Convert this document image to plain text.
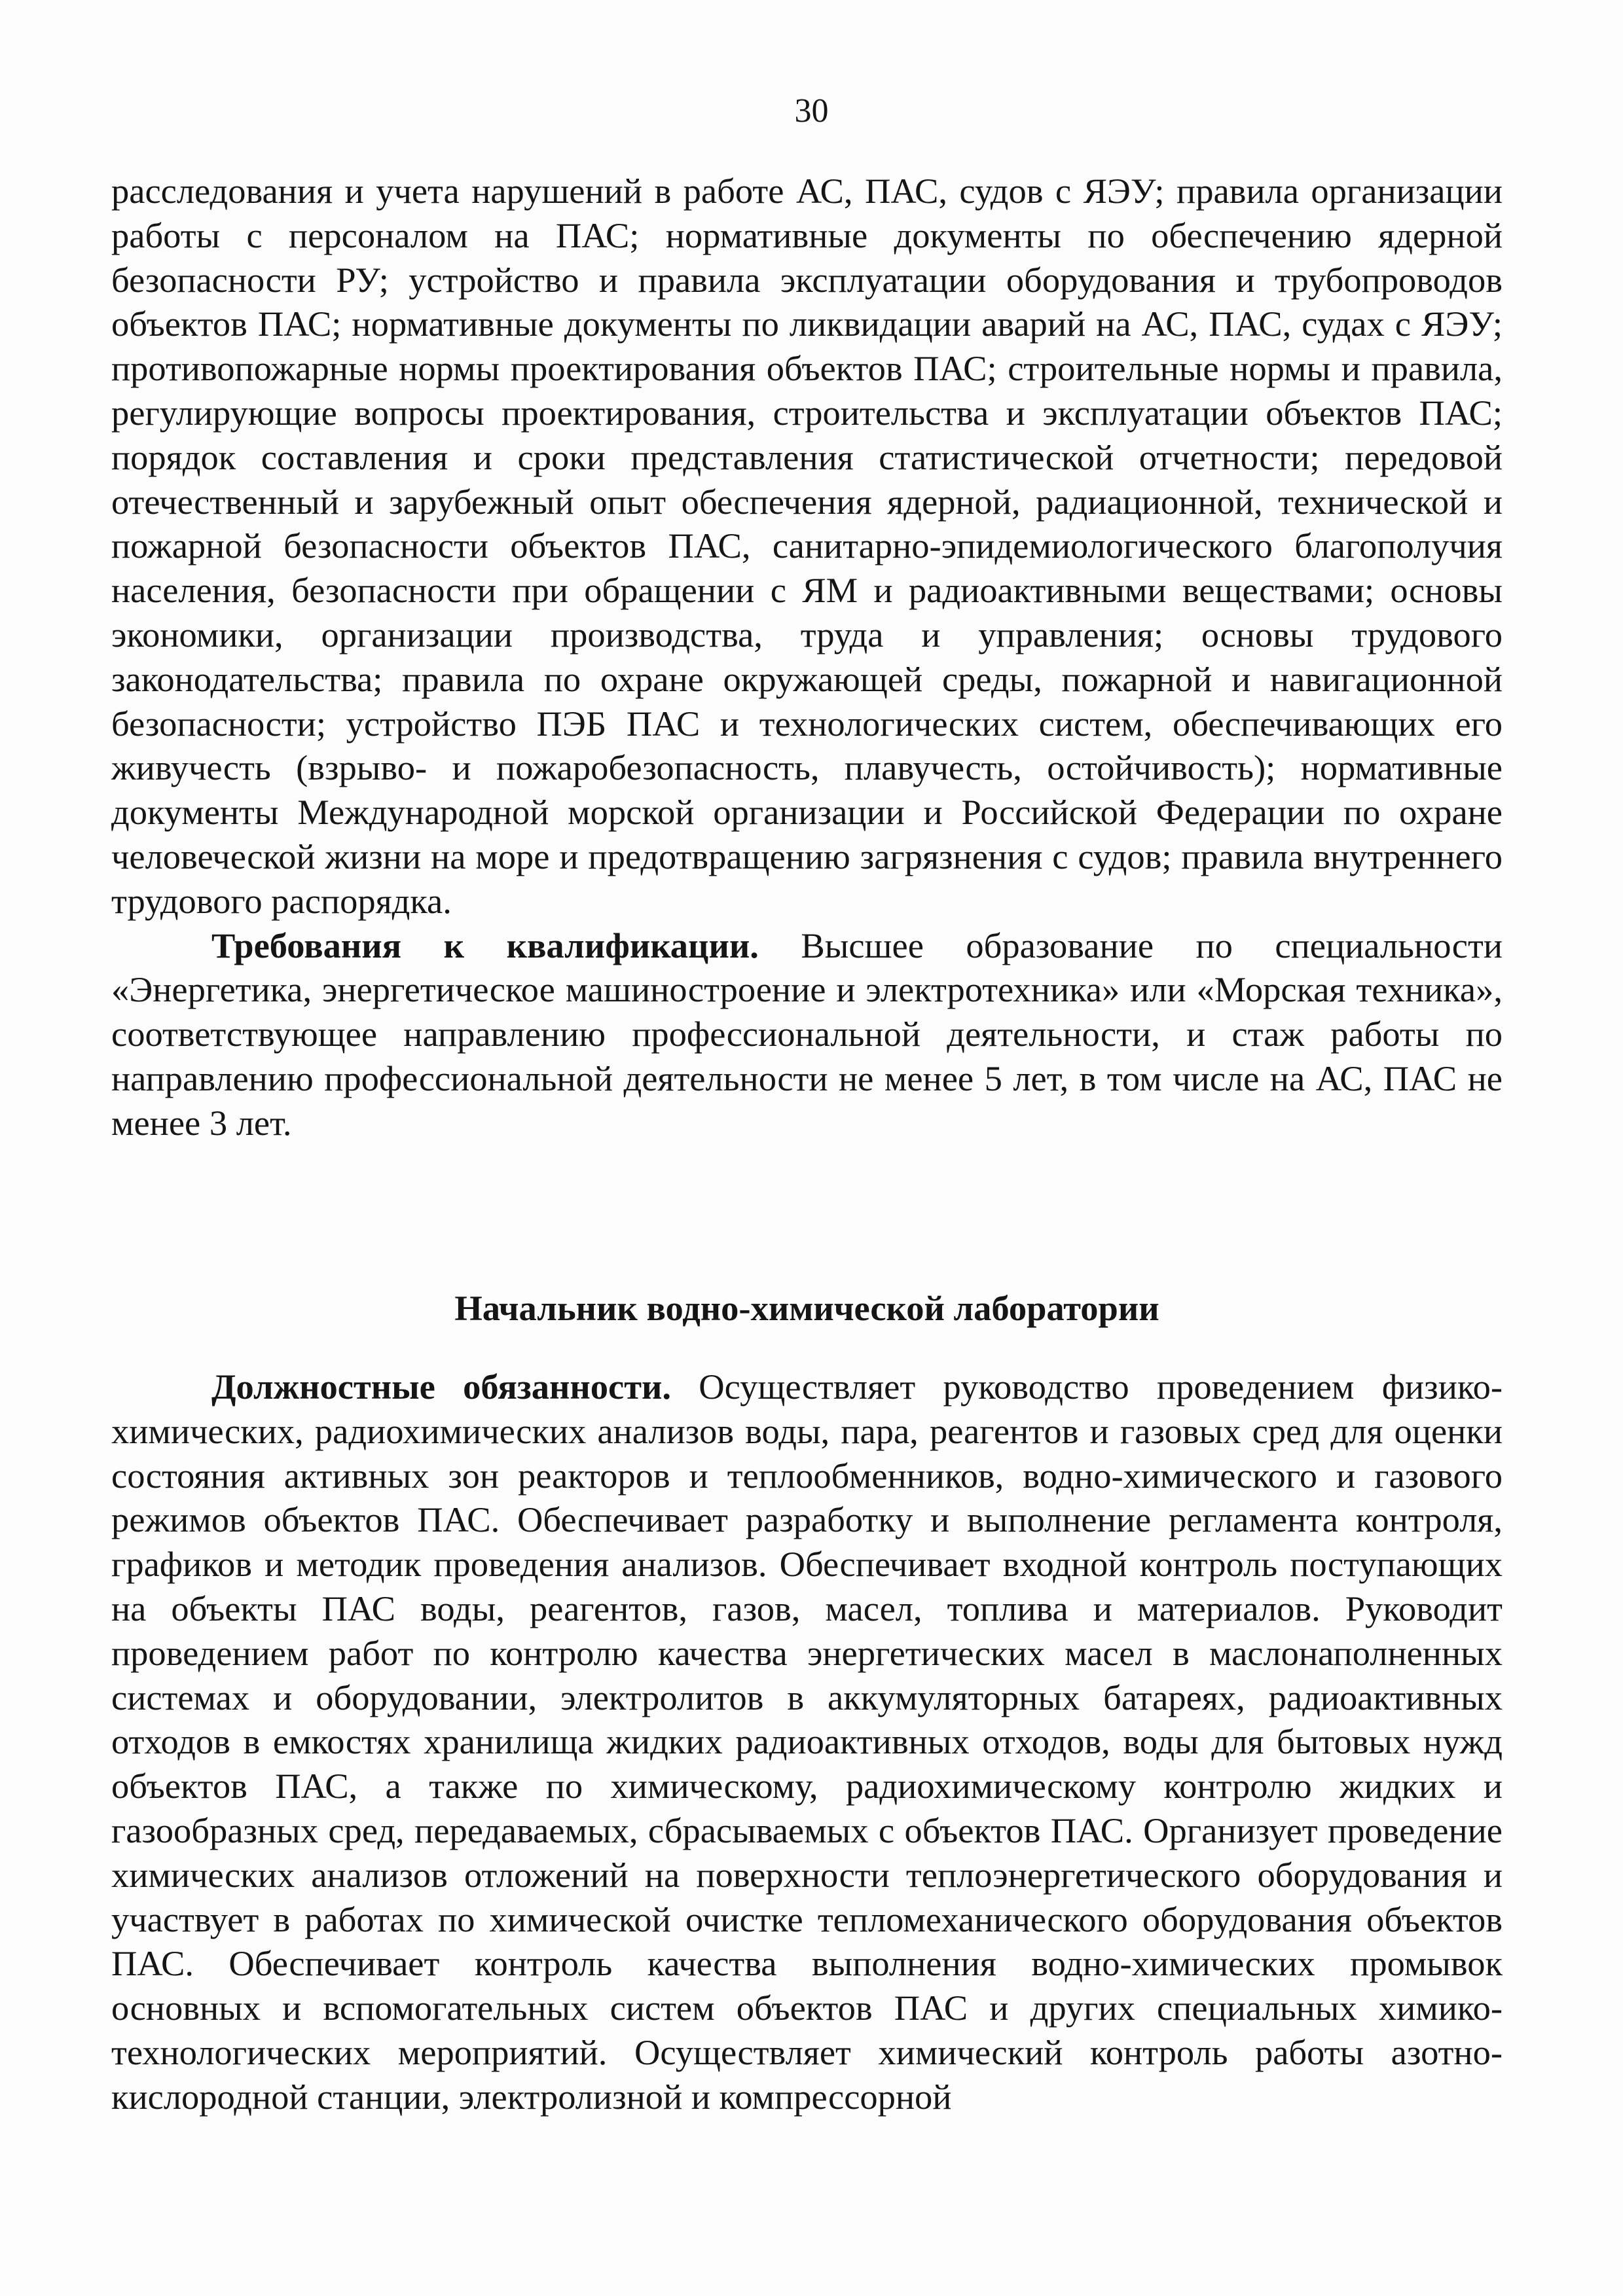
30

расследования и учета нарушений в работе АС, ПАС, судов с ЯЭУ; правила организации работы с персоналом на ПАС; нормативные документы по обеспечению ядерной безопасности РУ; устройство и правила эксплуатации оборудования и трубопроводов объектов ПАС; нормативные документы по ликвидации аварий на АС, ПАС, судах с ЯЭУ; противопожарные нормы проектирования объектов ПАС; строительные нормы и правила, регулирующие вопросы проектирования, строительства и эксплуатации объектов ПАС; порядок составления и сроки представления статистической отчетности; передовой отечественный и зарубежный опыт обеспечения ядерной, радиационной, технической и пожарной безопасности объектов ПАС, санитарно-эпидемиологического благополучия населения, безопасности при обращении с ЯМ и радиоактивными веществами; основы экономики, организации производства, труда и управления; основы трудового законодательства; правила по охране окружающей среды, пожарной и навигационной безопасности; устройство ПЭБ ПАС и технологических систем, обеспечивающих его живучесть (взрыво- и пожаробезопасность, плавучесть, остойчивость); нормативные документы Международной морской организации и Российской Федерации по охране человеческой жизни на море и предотвращению загрязнения с судов; правила внутреннего трудового распорядка.

Требования к квалификации. Высшее образование по специальности «Энергетика, энергетическое машиностроение и электротехника» или «Морская техника», соответствующее направлению профессиональной деятельности, и стаж работы по направлению профессиональной деятельности не менее 5 лет, в том числе на АС, ПАС не менее 3 лет.

Начальник водно-химической лаборатории

Должностные обязанности. Осуществляет руководство проведением физико-химических, радиохимических анализов воды, пара, реагентов и газовых сред для оценки состояния активных зон реакторов и теплообменников, водно-химического и газового режимов объектов ПАС. Обеспечивает разработку и выполнение регламента контроля, графиков и методик проведения анализов. Обеспечивает входной контроль поступающих на объекты ПАС воды, реагентов, газов, масел, топлива и материалов. Руководит проведением работ по контролю качества энергетических масел в маслонаполненных системах и оборудовании, электролитов в аккумуляторных батареях, радиоактивных отходов в емкостях хранилища жидких радиоактивных отходов, воды для бытовых нужд объектов ПАС, а также по химическому, радиохимическому контролю жидких и газообразных сред, передаваемых, сбрасываемых с объектов ПАС. Организует проведение химических анализов отложений на поверхности теплоэнергетического оборудования и участвует в работах по химической очистке тепломеханического оборудования объектов ПАС. Обеспечивает контроль качества выполнения водно-химических промывок основных и вспомогательных систем объектов ПАС и других специальных химико-технологических мероприятий. Осуществляет химический контроль работы азотно-кислородной станции, электролизной и компрессорной
